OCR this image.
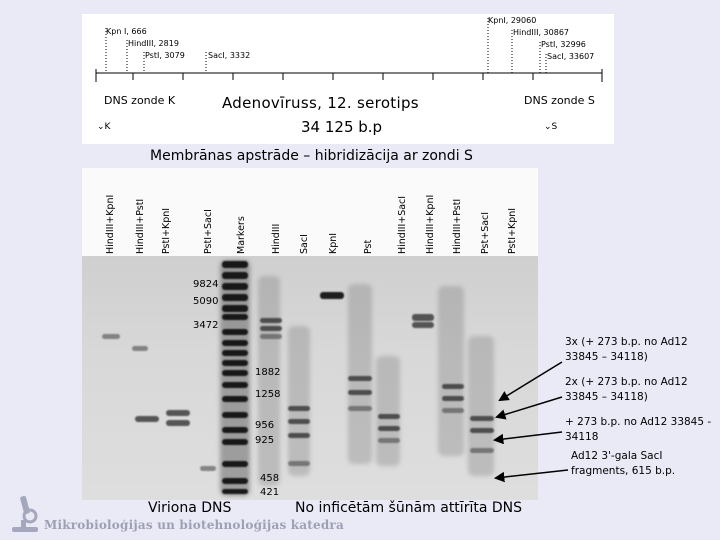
Kpn I, 666
HindIII, 2819
PstI, 3079	SacI, 3332
KpnI, 29060
HindIII, 30867
PstI, 32996
SacI, 33607
DNS zonde K	DNS zonde S
Adenovīruss, 12. serotips
34 125 b.p
⌄K	⌄S
Membrānas apstrāde – hibridizācija ar zondi S
HindIII+KpnI HindIII+PstI PstI+KpnI	PstI+SacI Markers	HindIII SacI KpnI	Pst HindIII+SacI HindIII+KpnI HindIII+PstI Pst+SacI PstI+KpnI
9824
5090
3472
1882
1258
956
925
458
421
3x (+ 273 b.p. no Ad12 33845 – 34118)
2x (+ 273 b.p. no Ad12 33845 – 34118)
+ 273 b.p. no Ad12 33845 - 34118
Ad12 3'-gala SacI fragments, 615 b.p.
Viriona DNS	No inficētām šūnām attīrīta DNS
Mikrobioloģijas un biotehnoloģijas katedra
